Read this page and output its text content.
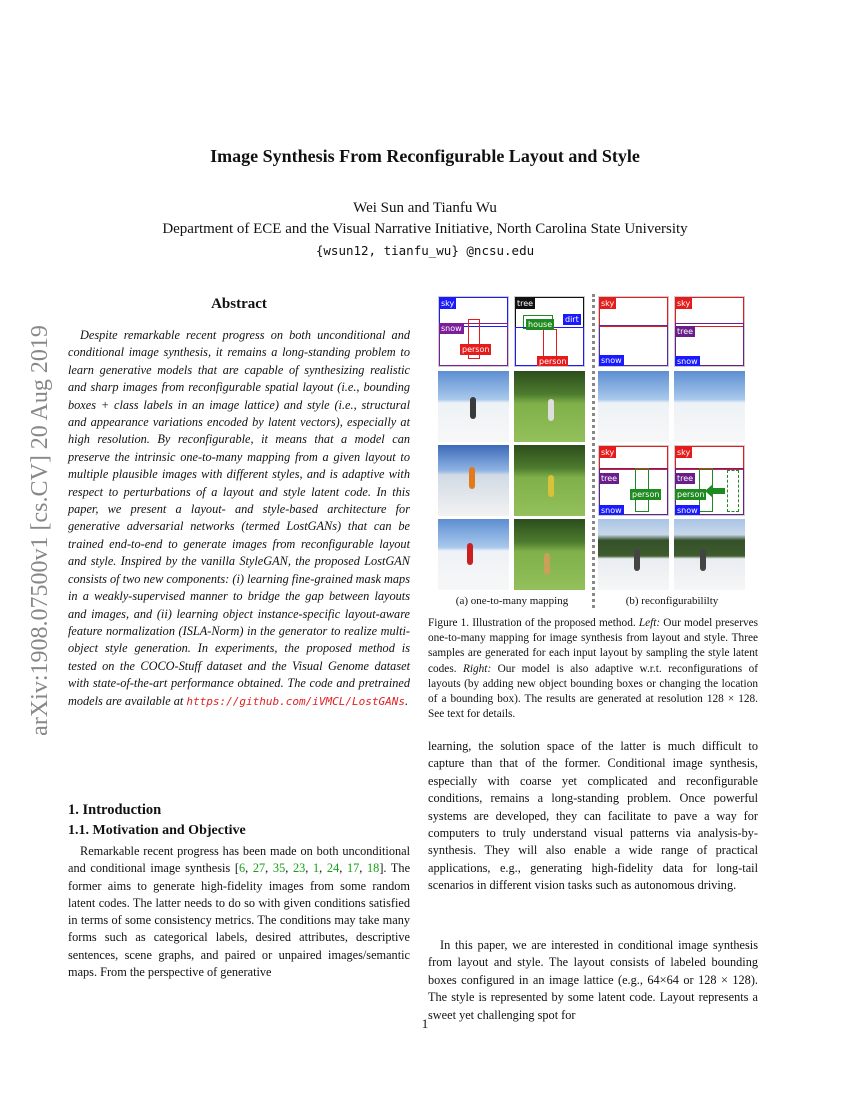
Image Synthesis From Reconfigurable Layout and Style
Wei Sun and Tianfu Wu
Department of ECE and the Visual Narrative Initiative, North Carolina State University
{wsun12, tianfu_wu} @ncsu.edu
arXiv:1908.07500v1 [cs.CV] 20 Aug 2019
Abstract
Despite remarkable recent progress on both unconditional and conditional image synthesis, it remains a long-standing problem to learn generative models that are capable of synthesizing realistic and sharp images from reconfigurable spatial layout (i.e., bounding boxes + class labels in an image lattice) and style (i.e., structural and appearance variations encoded by latent vectors), especially at high resolution. By reconfigurable, it means that a model can preserve the intrinsic one-to-many mapping from a given layout to multiple plausible images with different styles, and is adaptive with respect to perturbations of a layout and style latent code. In this paper, we present a layout- and style-based architecture for generative adversarial networks (termed LostGANs) that can be trained end-to-end to generate images from reconfigurable layout and style. Inspired by the vanilla StyleGAN, the proposed LostGAN consists of two new components: (i) learning fine-grained mask maps in a weakly-supervised manner to bridge the gap between layouts and images, and (ii) learning object instance-specific layout-aware feature normalization (ISLA-Norm) in the generator to realize multi-object style generation. In experiments, the proposed method is tested on the COCO-Stuff dataset and the Visual Genome dataset with state-of-the-art performance obtained. The code and pretrained models are available at https://github.com/iVMCL/LostGANs.
1. Introduction
1.1. Motivation and Objective
Remarkable recent progress has been made on both unconditional and conditional image synthesis [6, 27, 35, 23, 1, 24, 17, 18]. The former aims to generate high-fidelity images from some random latent codes. The latter needs to do so with given conditions satisfied in terms of some consistency metrics. The conditions may take many forms such as categorical labels, desired attributes, descriptive sentences, scene graphs, and paired or unpaired images/semantic maps. From the perspective of generative
learning, the solution space of the latter is much difficult to capture than that of the former. Conditional image synthesis, especially with coarse yet complicated and reconfigurable conditions, remains a long-standing problem. Once powerful systems are developed, they can facilitate to pave a way for computers to truly understand visual patterns via analysis-by-synthesis. They will also enable a wide range of practical applications, e.g., generating high-fidelity data for long-tail scenarios in different vision tasks such as autonomous driving.
In this paper, we are interested in conditional image synthesis from layout and style. The layout consists of labeled bounding boxes configured in an image lattice (e.g., 64×64 or 128 × 128). The style is represented by some latent code. Layout represents a sweet yet challenging spot for
sky
snow
person
tree
house
dirt
person
sky
snow
sky
tree
person
snow
sky
tree
snow
sky
tree
person
snow
(a) one-to-many mapping	(b) reconfigurabililty
Figure 1. Illustration of the proposed method. Left: Our model preserves one-to-many mapping for image synthesis from layout and style. Three samples are generated for each input layout by sampling the style latent codes. Right: Our model is also adaptive w.r.t. reconfigurations of layouts (by adding new object bounding boxes or changing the location of a bounding box). The results are generated at resolution 128 × 128. See text for details.
1
